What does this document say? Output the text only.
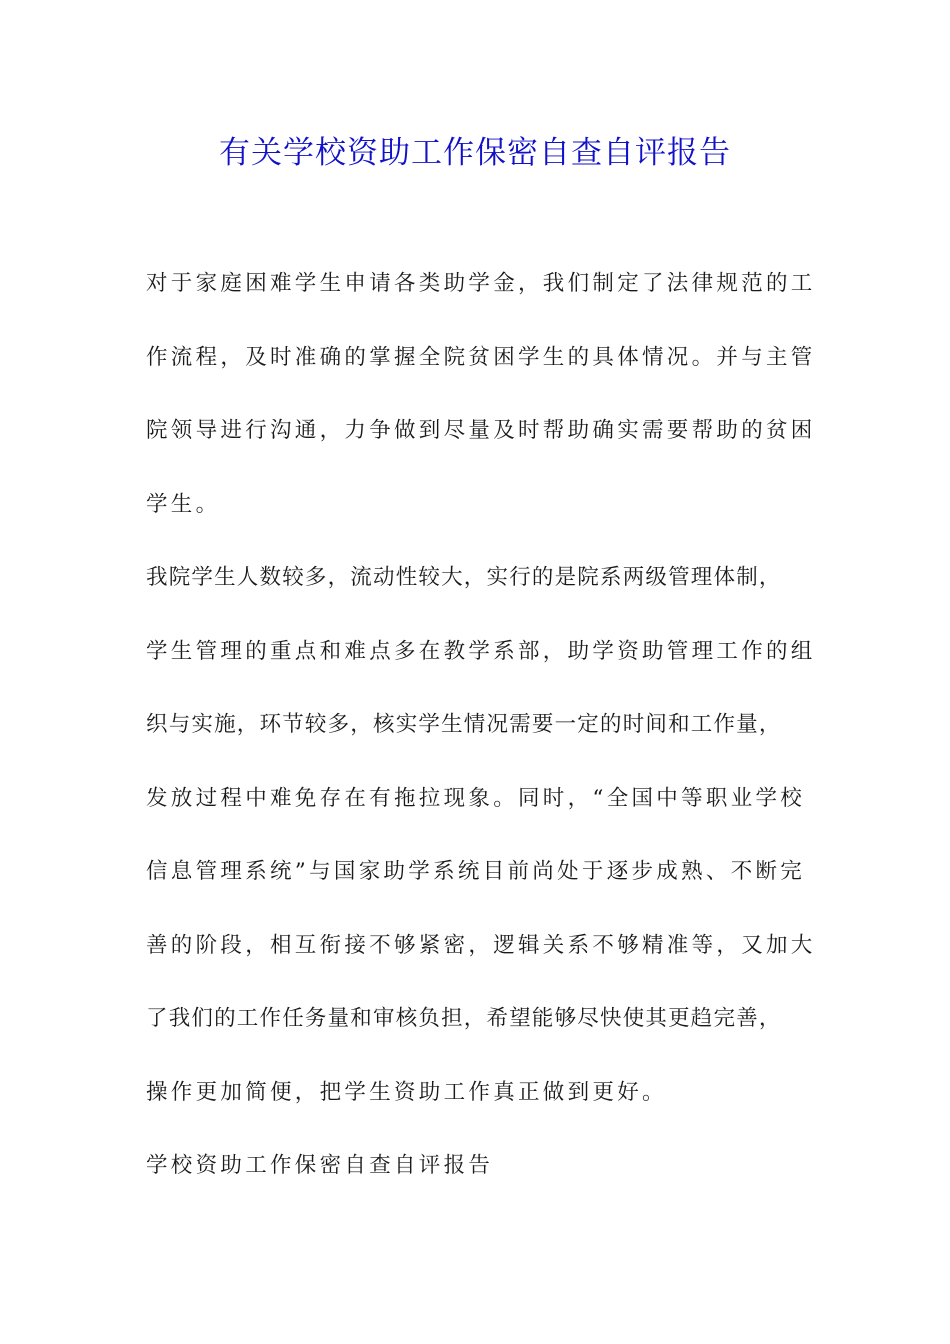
有关学校资助工作保密自查自评报告

对于家庭困难学生申请各类助学金，我们制定了法律规范的工

作流程，及时准确的掌握全院贫困学生的具体情况。并与主管

院领导进行沟通，力争做到尽量及时帮助确实需要帮助的贫困

学生。

我院学生人数较多，流动性较大，实行的是院系两级管理体制，

学生管理的重点和难点多在教学系部，助学资助管理工作的组

织与实施，环节较多，核实学生情况需要一定的时间和工作量，

发放过程中难免存在有拖拉现象。同时，“全国中等职业学校

信息管理系统”与国家助学系统目前尚处于逐步成熟、不断完

善的阶段，相互衔接不够紧密，逻辑关系不够精准等，又加大

了我们的工作任务量和审核负担，希望能够尽快使其更趋完善，

操作更加简便，把学生资助工作真正做到更好。

学校资助工作保密自查自评报告
